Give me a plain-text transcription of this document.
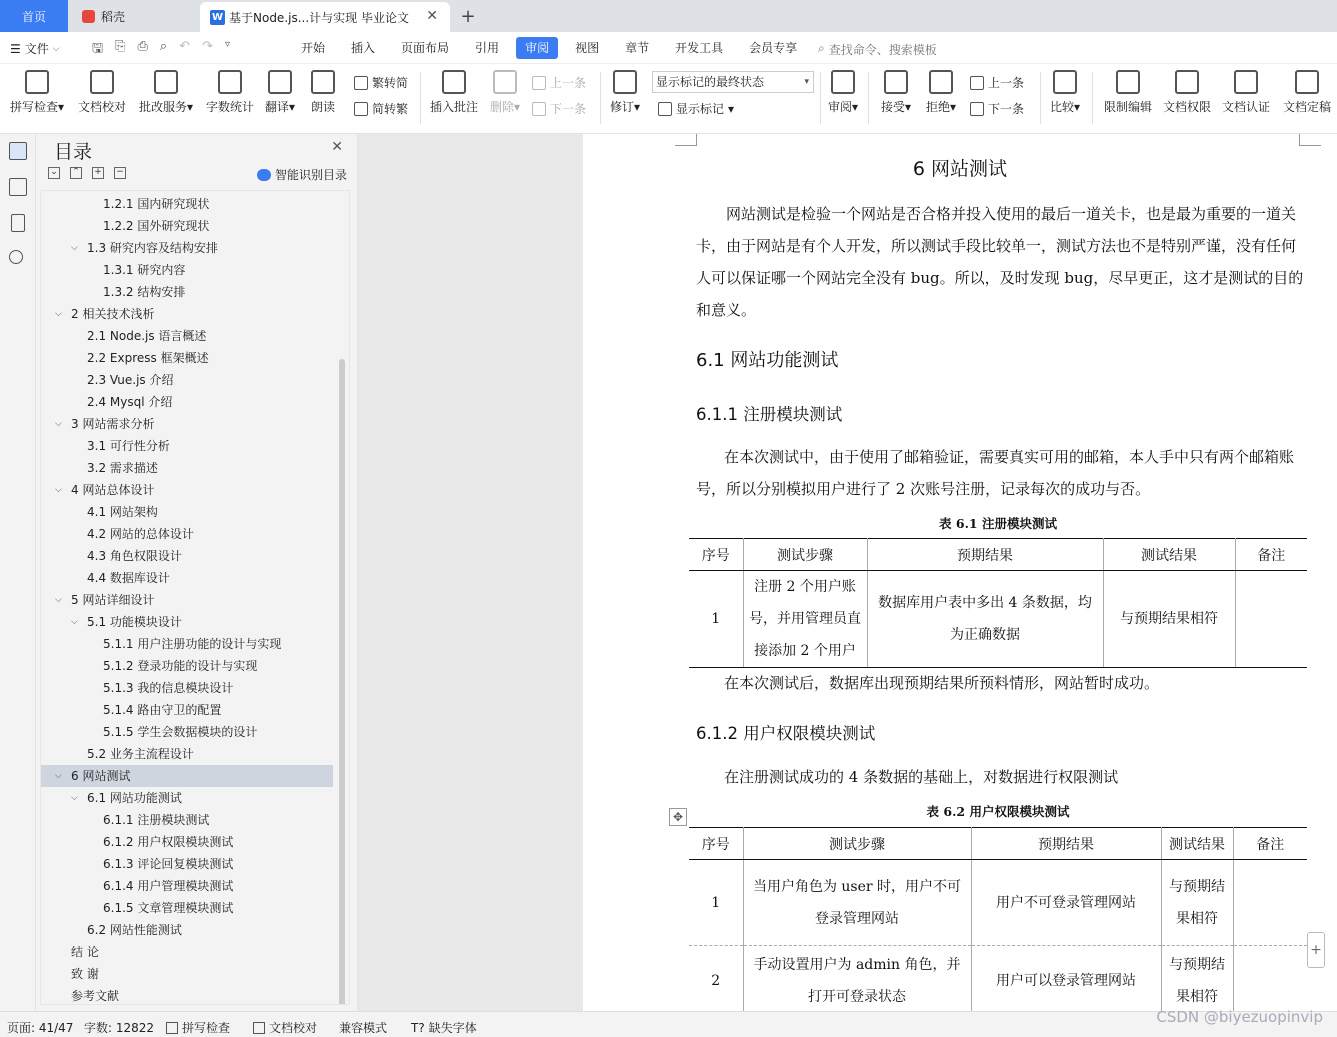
首页	稻壳	W 基于Node.js...计与实现 毕业论文 ✕ +
☰ 文件 ⌵ 🖫 ⎘ ⎙ ⌕ ↶ ↷ ▿	开始	插入	页面布局	引用	审阅	视图	章节	开发工具	会员专享	⌕ 查找命令、搜索模板
拼写检查▾ 文档校对 批改服务▾ 字数统计 翻译▾ 朗读
繁转简
简转繁 插入批注 删除▾
上一条
下一条 修订▾
显示标记的最终状态	▾
显示标记 ▾	审阅▾ 接受▾ 拒绝▾
上一条
下一条 比较▾ 限制编辑 文档权限 文档认证 文档定稿
目录	✕
⌄ ⌃ + −	智能识别目录
1.2.1 国内研究现状
1.2.2 国外研究现状
⌵ 1.3 研究内容及结构安排
1.3.1 研究内容
1.3.2 结构安排
⌵ 2 相关技术浅析
2.1 Node.js 语言概述
2.2 Express 框架概述
2.3 Vue.js 介绍
2.4 Mysql 介绍
⌵ 3 网站需求分析
3.1 可行性分析
3.2 需求描述
⌵ 4 网站总体设计
4.1 网站架构
4.2 网站的总体设计
4.3 角色权限设计
4.4 数据库设计
⌵ 5 网站详细设计
⌵ 5.1 功能模块设计
5.1.1 用户注册功能的设计与实现
5.1.2 登录功能的设计与实现
5.1.3 我的信息模块设计
5.1.4 路由守卫的配置
5.1.5 学生会数据模块的设计
5.2 业务主流程设计
⌵ 6 网站测试
⌵ 6.1 网站功能测试
6.1.1 注册模块测试
6.1.2 用户权限模块测试
6.1.3 评论回复模块测试
6.1.4 用户管理模块测试
6.1.5 文章管理模块测试
6.2 网站性能测试
结 论
致 谢
参考文献
6 网站测试
网站测试是检验一个网站是否合格并投入使用的最后一道关卡，也是最为重要的一道关卡，由于网站是有个人开发，所以测试手段比较单一，测试方法也不是特别严谨，没有任何人可以保证哪一个网站完全没有 bug。所以，及时发现 bug，尽早更正，这才是测试的目的和意义。
6.1 网站功能测试
6.1.1 注册模块测试
在本次测试中，由于使用了邮箱验证，需要真实可用的邮箱，本人手中只有两个邮箱账号，所以分别模拟用户进行了 2 次账号注册，记录每次的成功与否。
表 6.1 注册模块测试
序号	测试步骤	预期结果	测试结果	备注
1	注册 2 个用户账号，并用管理员直接添加 2 个用户	数据库用户表中多出 4 条数据，均为正确数据	与预期结果相符	
在本次测试后，数据库出现预期结果所预料情形，网站暂时成功。
6.1.2 用户权限模块测试
在注册测试成功的 4 条数据的基础上，对数据进行权限测试
表 6.2 用户权限模块测试
✥
序号	测试步骤	预期结果	测试结果	备注
1	当用户角色为 user 时，用户不可登录管理网站	用户不可登录管理网站	与预期结果相符	
2	手动设置用户为 admin 角色，并打开可登录状态	用户可以登录管理网站	与预期结果相符	
+
页面: 41/47 字数: 12822 拼写检查	文档校对 兼容模式 T? 缺失字体
CSDN @biyezuopinvip
